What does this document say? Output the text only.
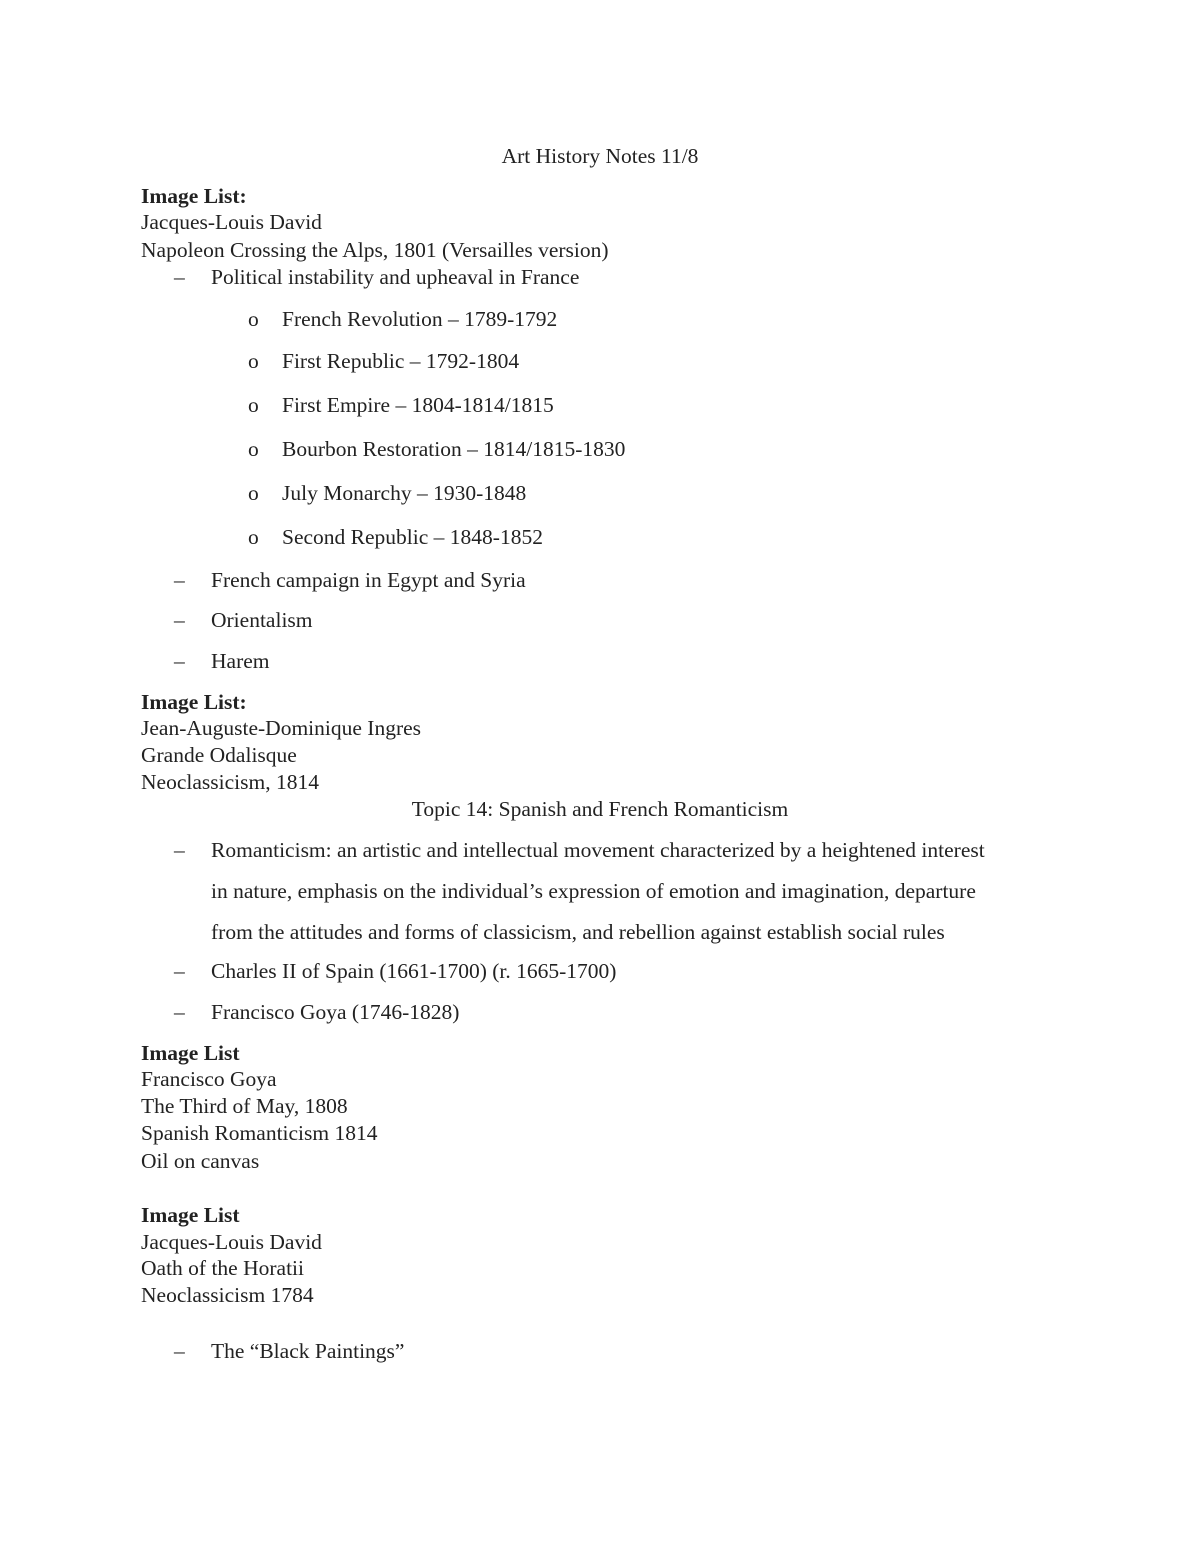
Art History Notes 11/8
Image List:
Jacques-Louis David
Napoleon Crossing the Alps, 1801 (Versailles version)
– Political instability and upheaval in France
o French Revolution – 1789-1792
o First Republic – 1792-1804
o First Empire – 1804-1814/1815
o Bourbon Restoration – 1814/1815-1830
o July Monarchy – 1930-1848
o Second Republic – 1848-1852
– French campaign in Egypt and Syria
– Orientalism
– Harem
Image List:
Jean-Auguste-Dominique Ingres
Grande Odalisque
Neoclassicism, 1814
Topic 14: Spanish and French Romanticism
– Romanticism: an artistic and intellectual movement characterized by a heightened interest
in nature, emphasis on the individual’s expression of emotion and imagination, departure
from the attitudes and forms of classicism, and rebellion against establish social rules
– Charles II of Spain (1661-1700) (r. 1665-1700)
– Francisco Goya (1746-1828)
Image List
Francisco Goya
The Third of May, 1808
Spanish Romanticism 1814
Oil on canvas
Image List
Jacques-Louis David
Oath of the Horatii
Neoclassicism 1784
– The “Black Paintings”
